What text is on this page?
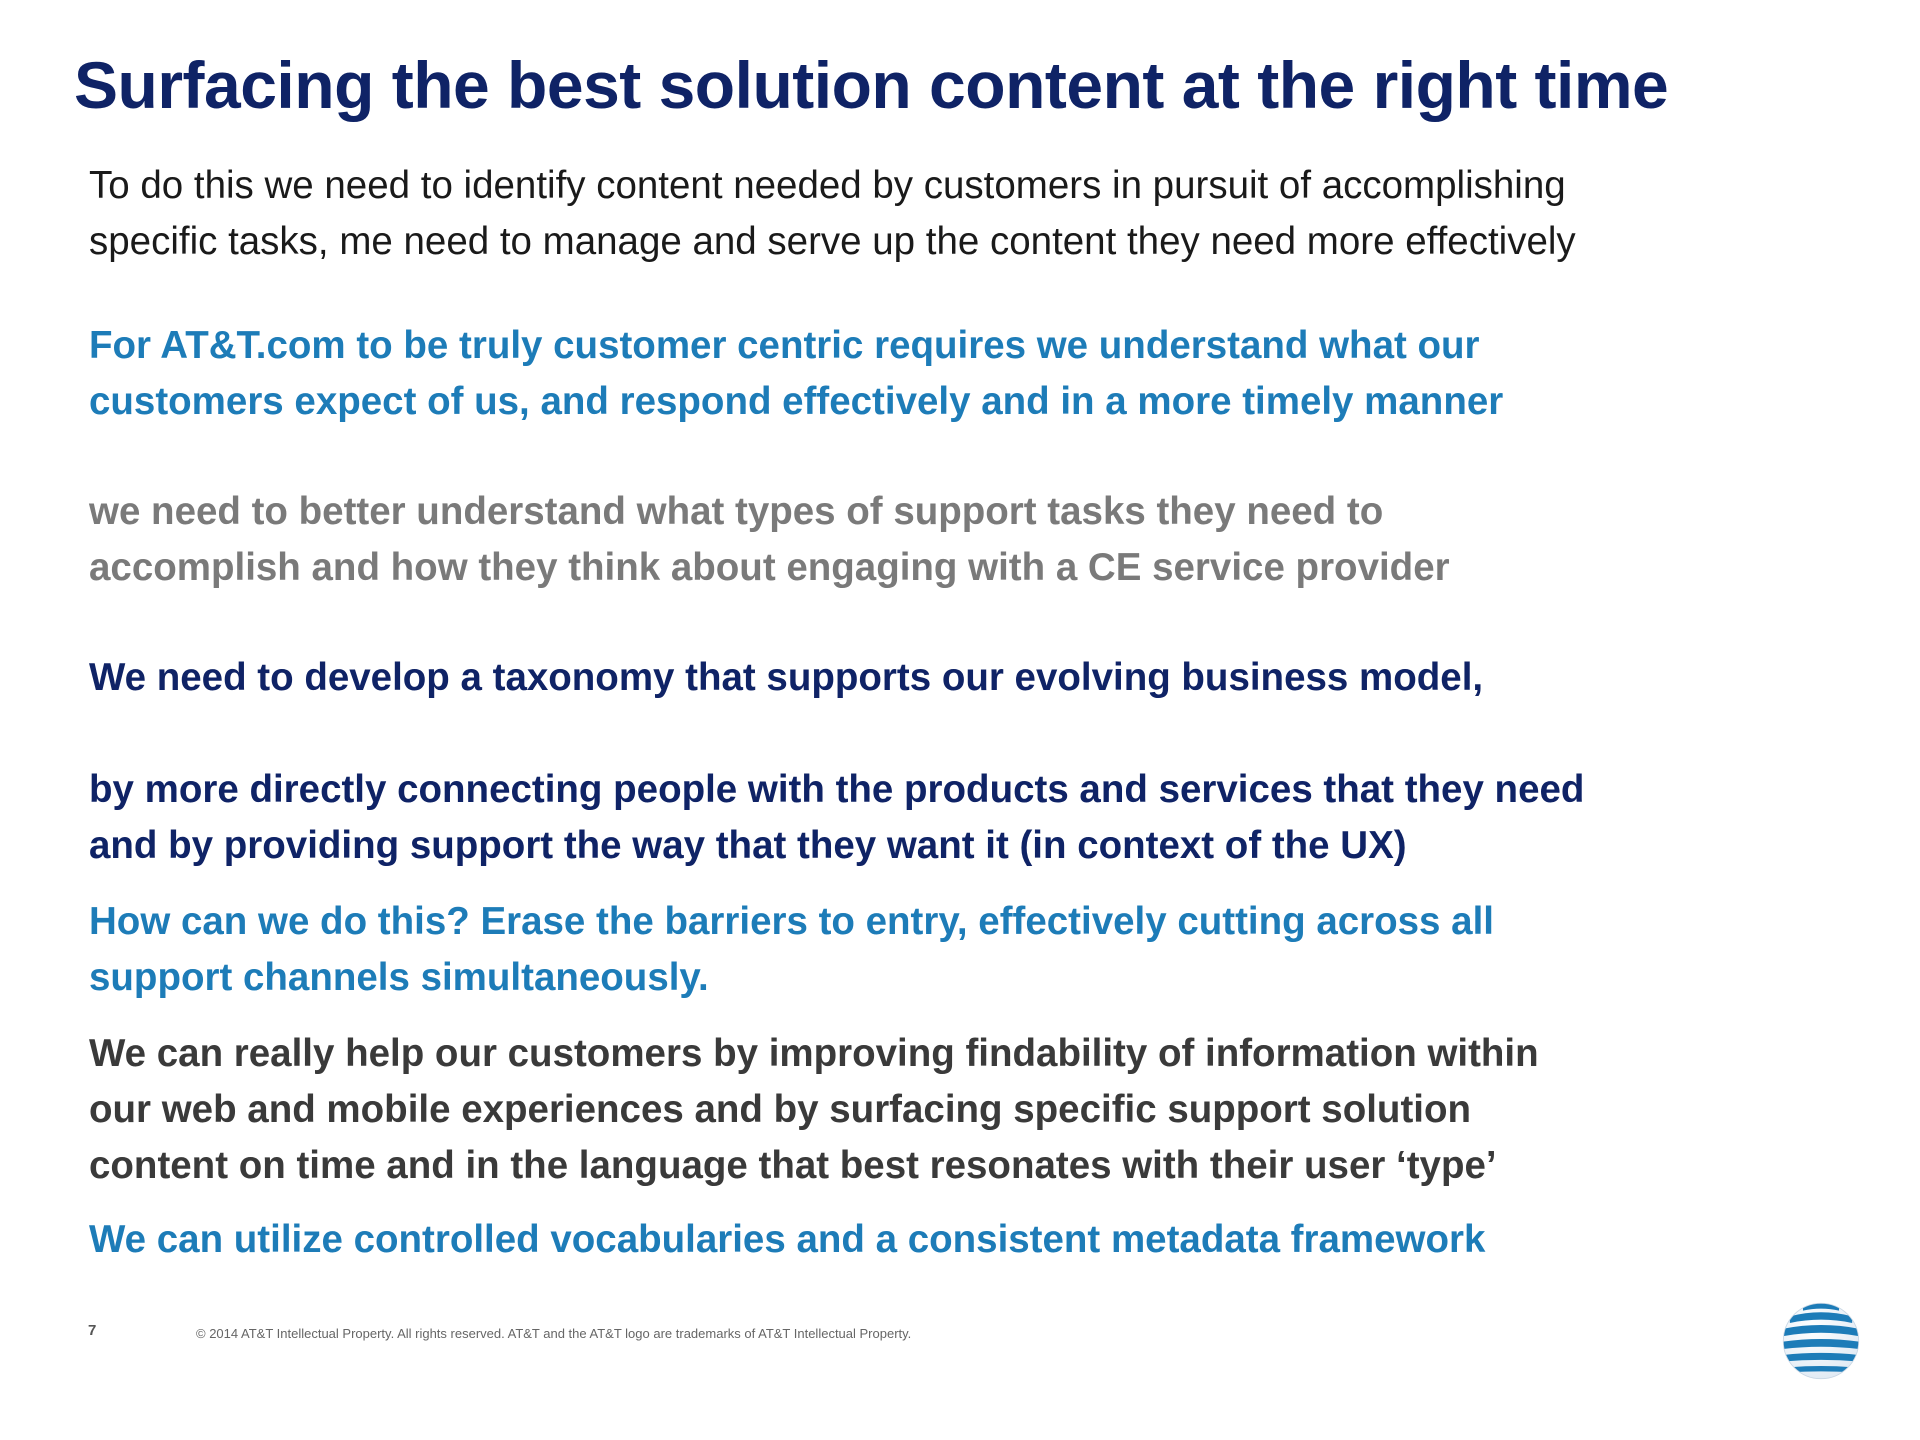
Surfacing the best solution content at the right time

To do this we need to identify content needed by customers in pursuit of accomplishing
specific tasks, me need to manage and serve up the content they need more effectively

For AT&T.com to be truly customer centric requires we understand what our
customers expect of us, and respond effectively and in a more timely manner

we need to better understand what types of support tasks they need to
accomplish and how they think about engaging with a CE service provider

We need to develop a taxonomy that supports our evolving business model,

by more directly connecting people with the products and services that they need
and by providing support the way that they want it (in context of the UX)

How can we do this? Erase the barriers to entry, effectively cutting across all
support channels simultaneously.

We can really help our customers by improving findability of information within
our web and mobile experiences and by surfacing specific support solution
content on time and in the language that best resonates with their user ‘type’

We can utilize controlled vocabularies and a consistent metadata framework

7	© 2014 AT&T Intellectual Property. All rights reserved. AT&T and the AT&T logo are trademarks of AT&T Intellectual Property.
